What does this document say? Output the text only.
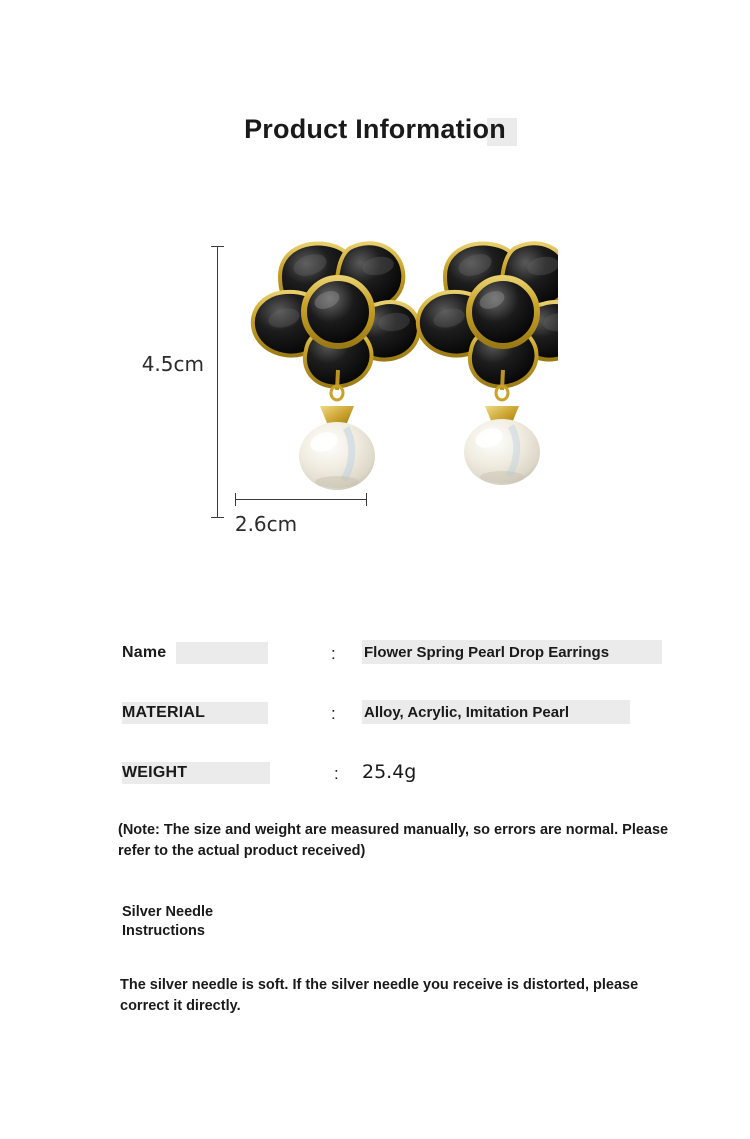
Product Information
4.5cm
2.6cm
Name	: Flower Spring Pearl Drop Earrings
MATERIAL	: Alloy, Acrylic, Imitation Pearl
WEIGHT	: 25.4g
(Note: The size and weight are measured manually, so errors are normal. Please refer to the actual product received)
Silver Needle
Instructions
The silver needle is soft. If the silver needle you receive is distorted, please correct it directly.
